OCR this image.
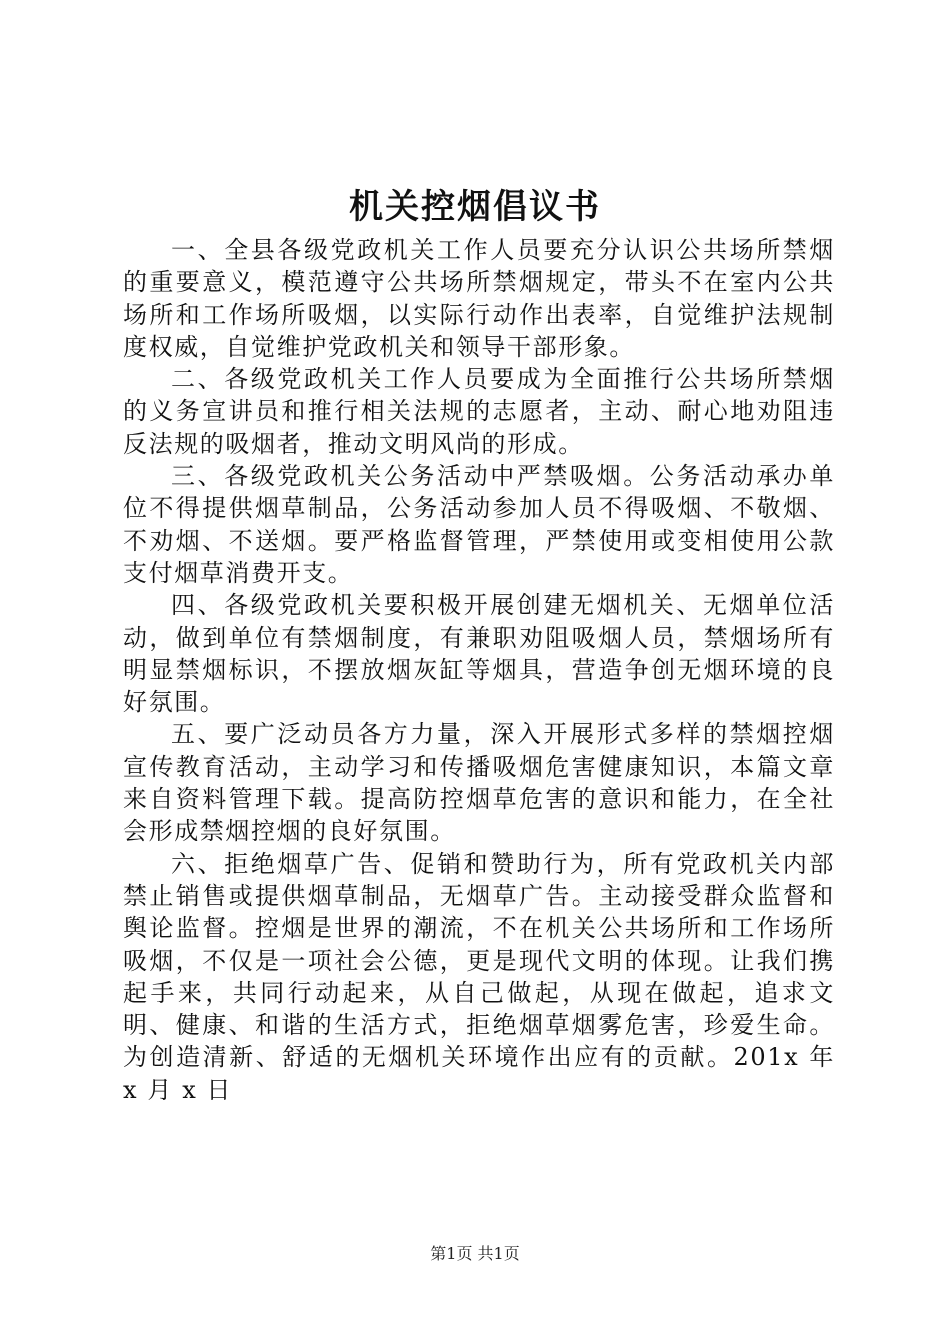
机关控烟倡议书

一、全县各级党政机关工作人员要充分认识公共场所禁烟的重要意义，模范遵守公共场所禁烟规定，带头不在室内公共场所和工作场所吸烟，以实际行动作出表率，自觉维护法规制度权威，自觉维护党政机关和领导干部形象。

二、各级党政机关工作人员要成为全面推行公共场所禁烟的义务宣讲员和推行相关法规的志愿者，主动、耐心地劝阻违反法规的吸烟者，推动文明风尚的形成。

三、各级党政机关公务活动中严禁吸烟。公务活动承办单位不得提供烟草制品，公务活动参加人员不得吸烟、不敬烟、不劝烟、不送烟。要严格监督管理，严禁使用或变相使用公款支付烟草消费开支。

四、各级党政机关要积极开展创建无烟机关、无烟单位活动，做到单位有禁烟制度，有兼职劝阻吸烟人员，禁烟场所有明显禁烟标识，不摆放烟灰缸等烟具，营造争创无烟环境的良好氛围。

五、要广泛动员各方力量，深入开展形式多样的禁烟控烟宣传教育活动，主动学习和传播吸烟危害健康知识，本篇文章来自资料管理下载。提高防控烟草危害的意识和能力，在全社会形成禁烟控烟的良好氛围。

六、拒绝烟草广告、促销和赞助行为，所有党政机关内部禁止销售或提供烟草制品，无烟草广告。主动接受群众监督和舆论监督。控烟是世界的潮流，不在机关公共场所和工作场所吸烟，不仅是一项社会公德，更是现代文明的体现。让我们携起手来，共同行动起来，从自己做起，从现在做起，追求文明、健康、和谐的生活方式，拒绝烟草烟雾危害，珍爱生命。为创造清新、舒适的无烟机关环境作出应有的贡献。201x 年 x 月 x 日

第1页 共1页
